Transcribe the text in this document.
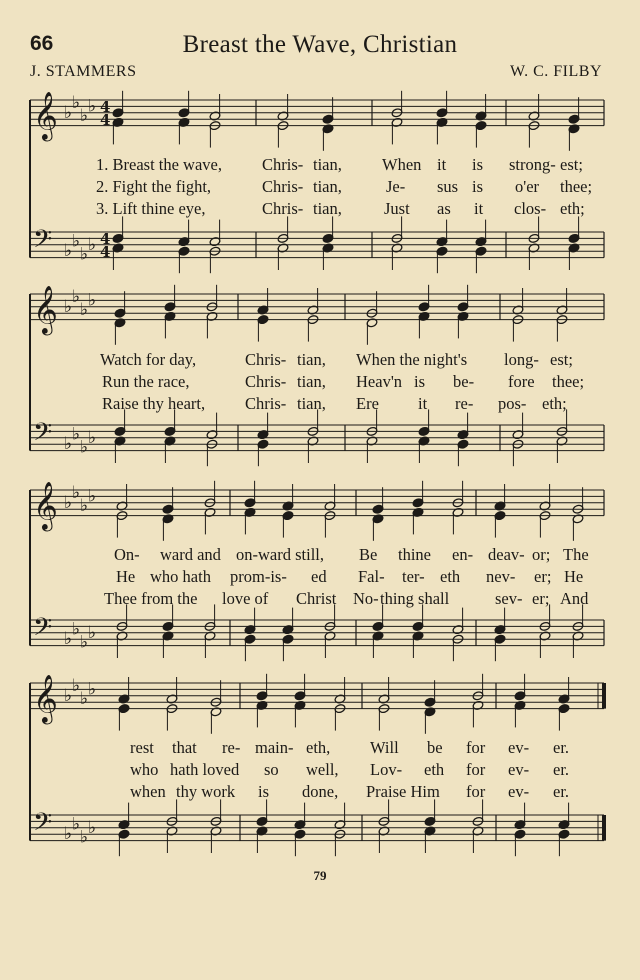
66	Breast the Wave, Christian
J. STAMMERS	W. C. FILBY
𝄞
𝄢
♭ ♭
♭ ♭
♭ ♭
♭ ♭
4
4
4
4
𝄞
𝄢
♭ ♭
♭ ♭
♭ ♭
♭ ♭
𝄞
𝄢
♭ ♭
♭ ♭
♭ ♭
♭ ♭
𝄞
𝄢
♭ ♭
♭ ♭
♭ ♭
♭ ♭
1. Breast the wave, Chris- tian, When it is strong- est;
2. Fight the fight,	Chris- tian,	Je- sus is o'er thee;
3. Lift thine eye,	Chris- tian,	Just as it clos- eth;
Watch for day,	Chris- tian, When the night's long- est;
Run the race,	Chris- tian, Heav'n is be- fore thee;
Raise thy heart, Chris- tian, Ere it re- pos- eth;
On- ward and on-ward still, Be thine en- deav- or; The
He who hath prom-is- ed Fal- ter- eth nev- er; He
Thee from the love of Christ No- thing shall	sev- er; And
rest that re- main- eth, Will be for ev- er.
who hath loved so well, Lov- eth for ev- er.
when thy work is done, Praise Him for ev- er.
79
